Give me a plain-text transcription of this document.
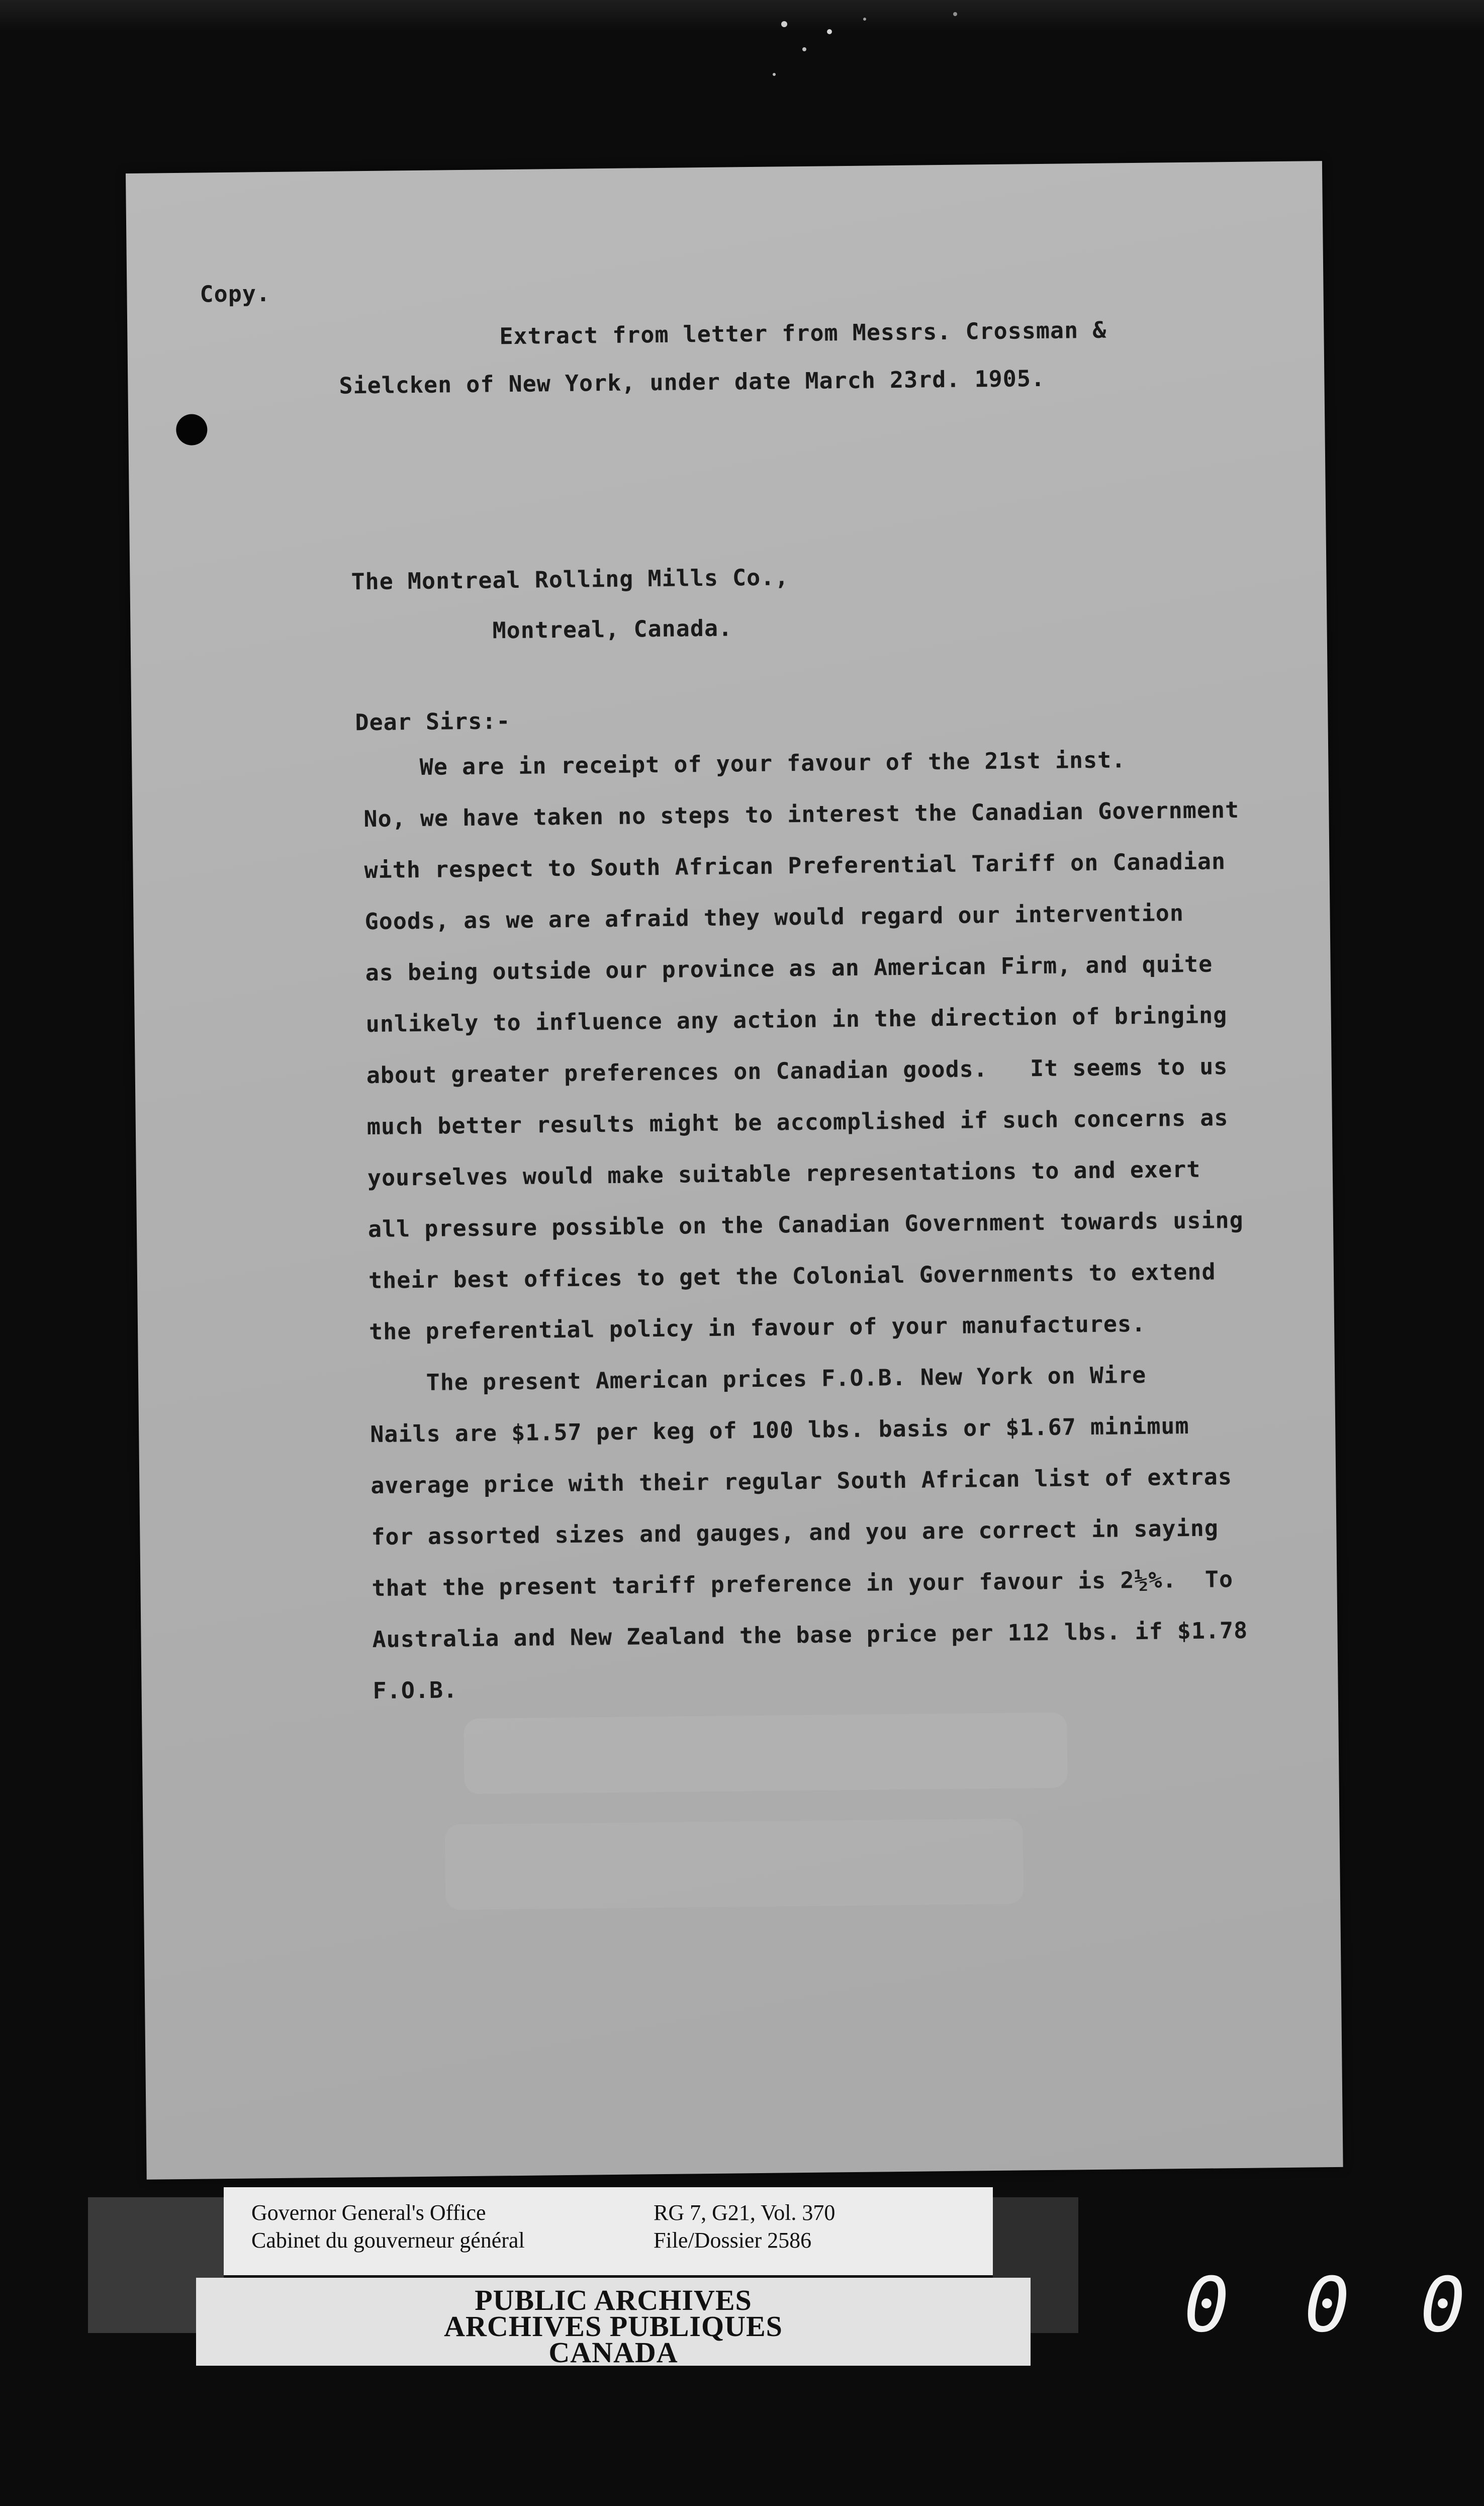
Copy.
Extract from letter from Messrs. Crossman &
Sielcken of New York, under date March 23rd. 1905.
The Montreal Rolling Mills Co.,
Montreal, Canada.
Dear Sirs:-
We are in receipt of your favour of the 21st inst.
No, we have taken no steps to interest the Canadian Government
with respect to South African Preferential Tariff on Canadian
Goods, as we are afraid they would regard our intervention
as being outside our province as an American Firm, and quite
unlikely to influence any action in the direction of bringing
about greater preferences on Canadian goods.   It seems to us
much better results might be accomplished if such concerns as
yourselves would make suitable representations to and exert
all pressure possible on the Canadian Government towards using
their best offices to get the Colonial Governments to extend
the preferential policy in favour of your manufactures.
The present American prices F.O.B. New York on Wire
Nails are $1.57 per keg of 100 lbs. basis or $1.67 minimum
average price with their regular South African list of extras
for assorted sizes and gauges, and you are correct in saying
that the present tariff preference in your favour is 2½%.  To
Australia and New Zealand the base price per 112 lbs. if $1.78
F.O.B.
Governor General's Office
Cabinet du gouverneur général
RG 7, G21, Vol. 370
File/Dossier 2586
PUBLIC ARCHIVES
ARCHIVES PUBLIQUES
CANADA
0 0 0
